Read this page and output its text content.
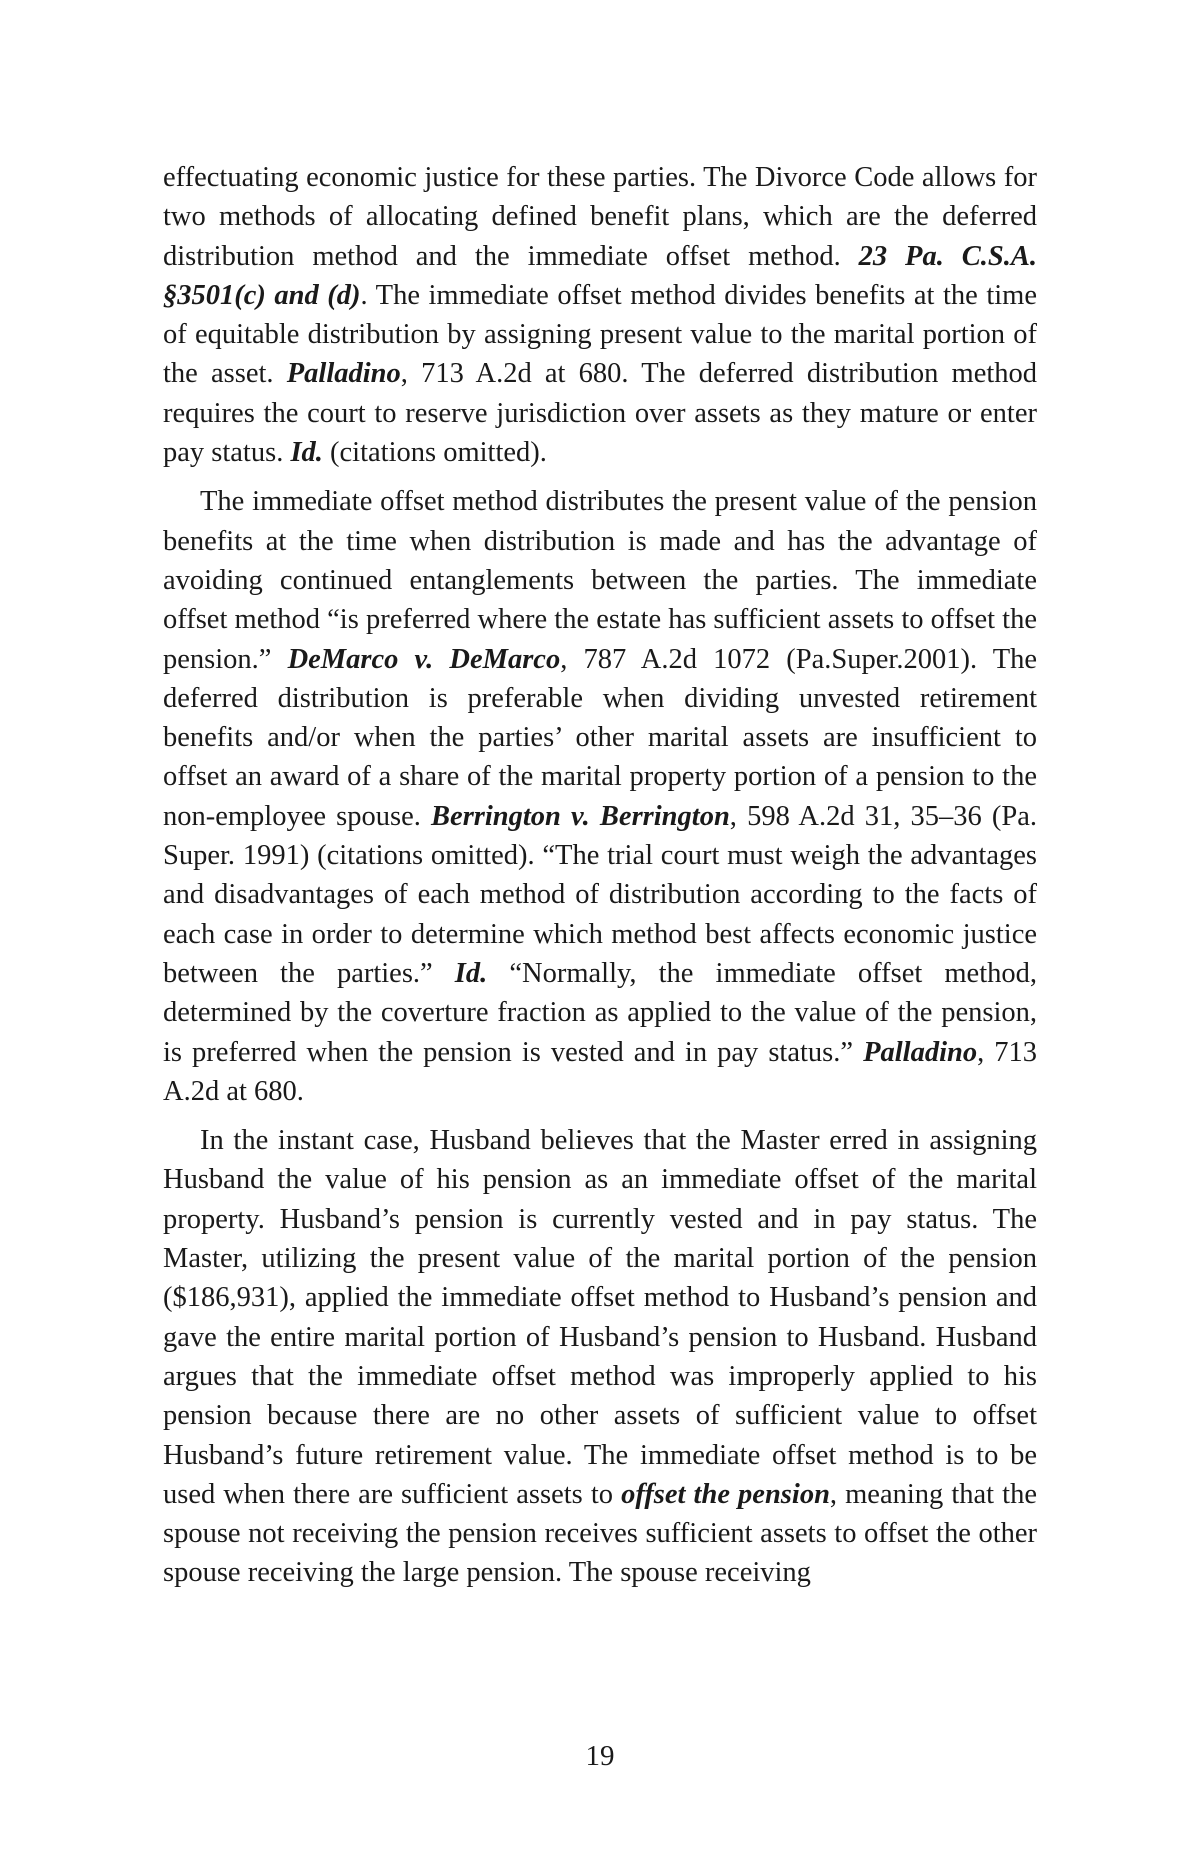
effectuating economic justice for these parties. The Divorce Code allows for two methods of allocating defined benefit plans, which are the deferred distribution method and the immediate offset method. 23 Pa. C.S.A. §3501(c) and (d). The immediate offset method divides benefits at the time of equitable distribution by assigning present value to the marital portion of the asset. Palladino, 713 A.2d at 680. The deferred distribution method requires the court to reserve jurisdiction over assets as they mature or enter pay status. Id. (citations omitted).

The immediate offset method distributes the present value of the pension benefits at the time when distribution is made and has the advantage of avoiding continued entanglements between the parties. The immediate offset method “is preferred where the estate has sufficient assets to offset the pension.” DeMarco v. DeMarco, 787 A.2d 1072 (Pa.Super.2001). The deferred distribution is preferable when dividing unvested retirement benefits and/or when the parties’ other marital assets are insufficient to offset an award of a share of the marital property portion of a pension to the non-employee spouse. Berrington v. Berrington, 598 A.2d 31, 35–36 (Pa. Super. 1991) (citations omitted). “The trial court must weigh the advantages and disadvantages of each method of distribution according to the facts of each case in order to determine which method best affects economic justice between the parties.” Id. “Normally, the immediate offset method, determined by the coverture fraction as applied to the value of the pension, is preferred when the pension is vested and in pay status.” Palladino, 713 A.2d at 680.

In the instant case, Husband believes that the Master erred in assigning Husband the value of his pension as an immediate offset of the marital property. Husband’s pension is currently vested and in pay status. The Master, utilizing the present value of the marital portion of the pension ($186,931), applied the immediate offset method to Husband’s pension and gave the entire marital portion of Husband’s pension to Husband. Husband argues that the immediate offset method was improperly applied to his pension because there are no other assets of sufficient value to offset Husband’s future retirement value. The immediate offset method is to be used when there are sufficient assets to offset the pension, meaning that the spouse not receiving the pension receives sufficient assets to offset the other spouse receiving the large pension. The spouse receiving

19
